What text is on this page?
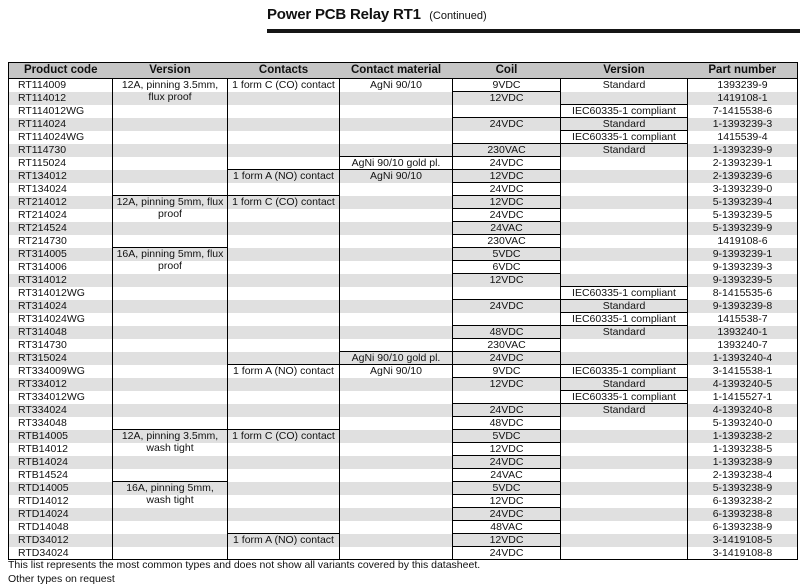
Power PCB Relay RT1 (Continued)
Product code	Version	Contacts	Contact material	Coil	Version	Part number
RT114009	12A, pinning 3.5mm, flux proof	1 form C (CO) contact	AgNi 90/10	9VDC	Standard	1393239-9
RT114012				12VDC		1419108-1
RT114012WG					IEC60335-1 compliant	7-1415538-6
RT114024				24VDC	Standard	1-1393239-3
RT114024WG					IEC60335-1 compliant	1415539-4
RT114730				230VAC	Standard	1-1393239-9
RT115024			AgNi 90/10 gold pl.	24VDC		2-1393239-1
RT134012		1 form A (NO) contact	AgNi 90/10	12VDC		2-1393239-6
RT134024				24VDC		3-1393239-0
RT214012	12A, pinning 5mm, flux proof	1 form C (CO) contact		12VDC		5-1393239-4
RT214024				24VDC		5-1393239-5
RT214524				24VAC		5-1393239-9
RT214730				230VAC		1419108-6
RT314005	16A, pinning 5mm, flux proof			5VDC		9-1393239-1
RT314006				6VDC		9-1393239-3
RT314012				12VDC		9-1393239-5
RT314012WG					IEC60335-1 compliant	8-1415535-6
RT314024				24VDC	Standard	9-1393239-8
RT314024WG					IEC60335-1 compliant	1415538-7
RT314048				48VDC	Standard	1393240-1
RT314730				230VAC		1393240-7
RT315024			AgNi 90/10 gold pl.	24VDC		1-1393240-4
RT334009WG		1 form A (NO) contact	AgNi 90/10	9VDC	IEC60335-1 compliant	3-1415538-1
RT334012				12VDC	Standard	4-1393240-5
RT334012WG					IEC60335-1 compliant	1-1415527-1
RT334024				24VDC	Standard	4-1393240-8
RT334048				48VDC		5-1393240-0
RTB14005	12A, pinning 3.5mm, wash tight	1 form C (CO) contact		5VDC		1-1393238-2
RTB14012				12VDC		1-1393238-5
RTB14024				24VDC		1-1393238-9
RTB14524				24VAC		2-1393238-4
RTD14005	16A, pinning 5mm, wash tight			5VDC		5-1393238-9
RTD14012				12VDC		6-1393238-2
RTD14024				24VDC		6-1393238-8
RTD14048				48VAC		6-1393238-9
RTD34012		1 form A (NO) contact		12VDC		3-1419108-5
RTD34024				24VDC		3-1419108-8
This list represents the most common types and does not show all variants covered by this datasheet.
Other types on request
